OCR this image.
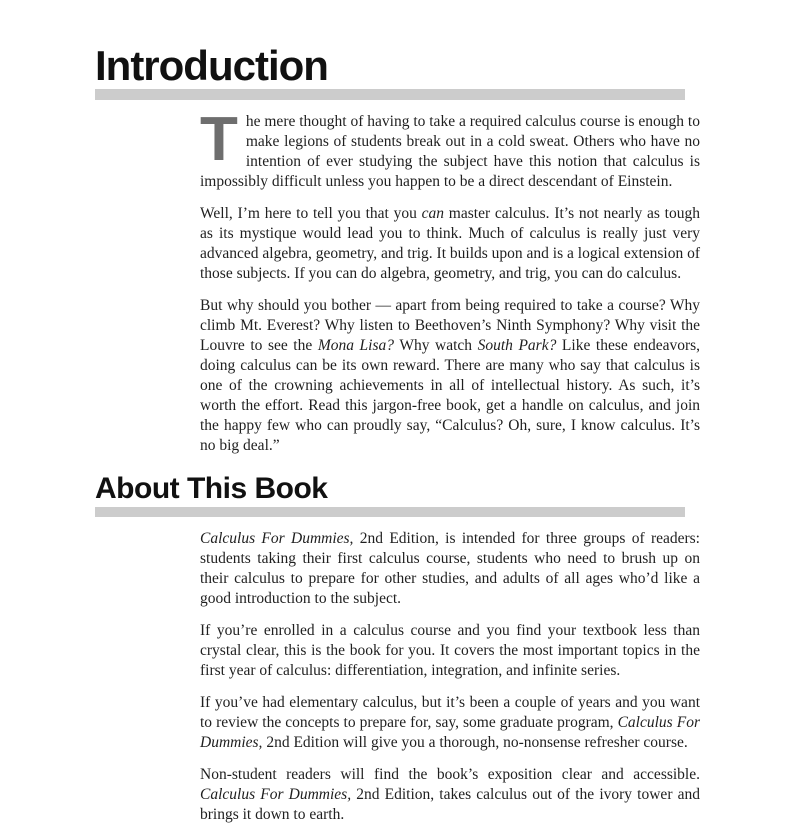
Introduction

The mere thought of having to take a required calculus course is enough to make legions of students break out in a cold sweat. Others who have no intention of ever studying the subject have this notion that calculus is impossibly difficult unless you happen to be a direct descendant of Einstein.

Well, I’m here to tell you that you can master calculus. It’s not nearly as tough as its mystique would lead you to think. Much of calculus is really just very advanced algebra, geometry, and trig. It builds upon and is a logical extension of those subjects. If you can do algebra, geometry, and trig, you can do calculus.

But why should you bother — apart from being required to take a course? Why climb Mt. Everest? Why listen to Beethoven’s Ninth Symphony? Why visit the Louvre to see the Mona Lisa? Why watch South Park? Like these endeavors, doing calculus can be its own reward. There are many who say that calculus is one of the crowning achievements in all of intellectual history. As such, it’s worth the effort. Read this jargon-free book, get a handle on calculus, and join the happy few who can proudly say, “Calculus? Oh, sure, I know calculus. It’s no big deal.”

About This Book

Calculus For Dummies, 2nd Edition, is intended for three groups of readers: students taking their first calculus course, students who need to brush up on their calculus to prepare for other studies, and adults of all ages who’d like a good introduction to the subject.

If you’re enrolled in a calculus course and you find your textbook less than crystal clear, this is the book for you. It covers the most important topics in the first year of calculus: differentiation, integration, and infinite series.

If you’ve had elementary calculus, but it’s been a couple of years and you want to review the concepts to prepare for, say, some graduate program, Calculus For Dummies, 2nd Edition will give you a thorough, no-nonsense refresher course.

Non-student readers will find the book’s exposition clear and accessible. Calculus For Dummies, 2nd Edition, takes calculus out of the ivory tower and brings it down to earth.
